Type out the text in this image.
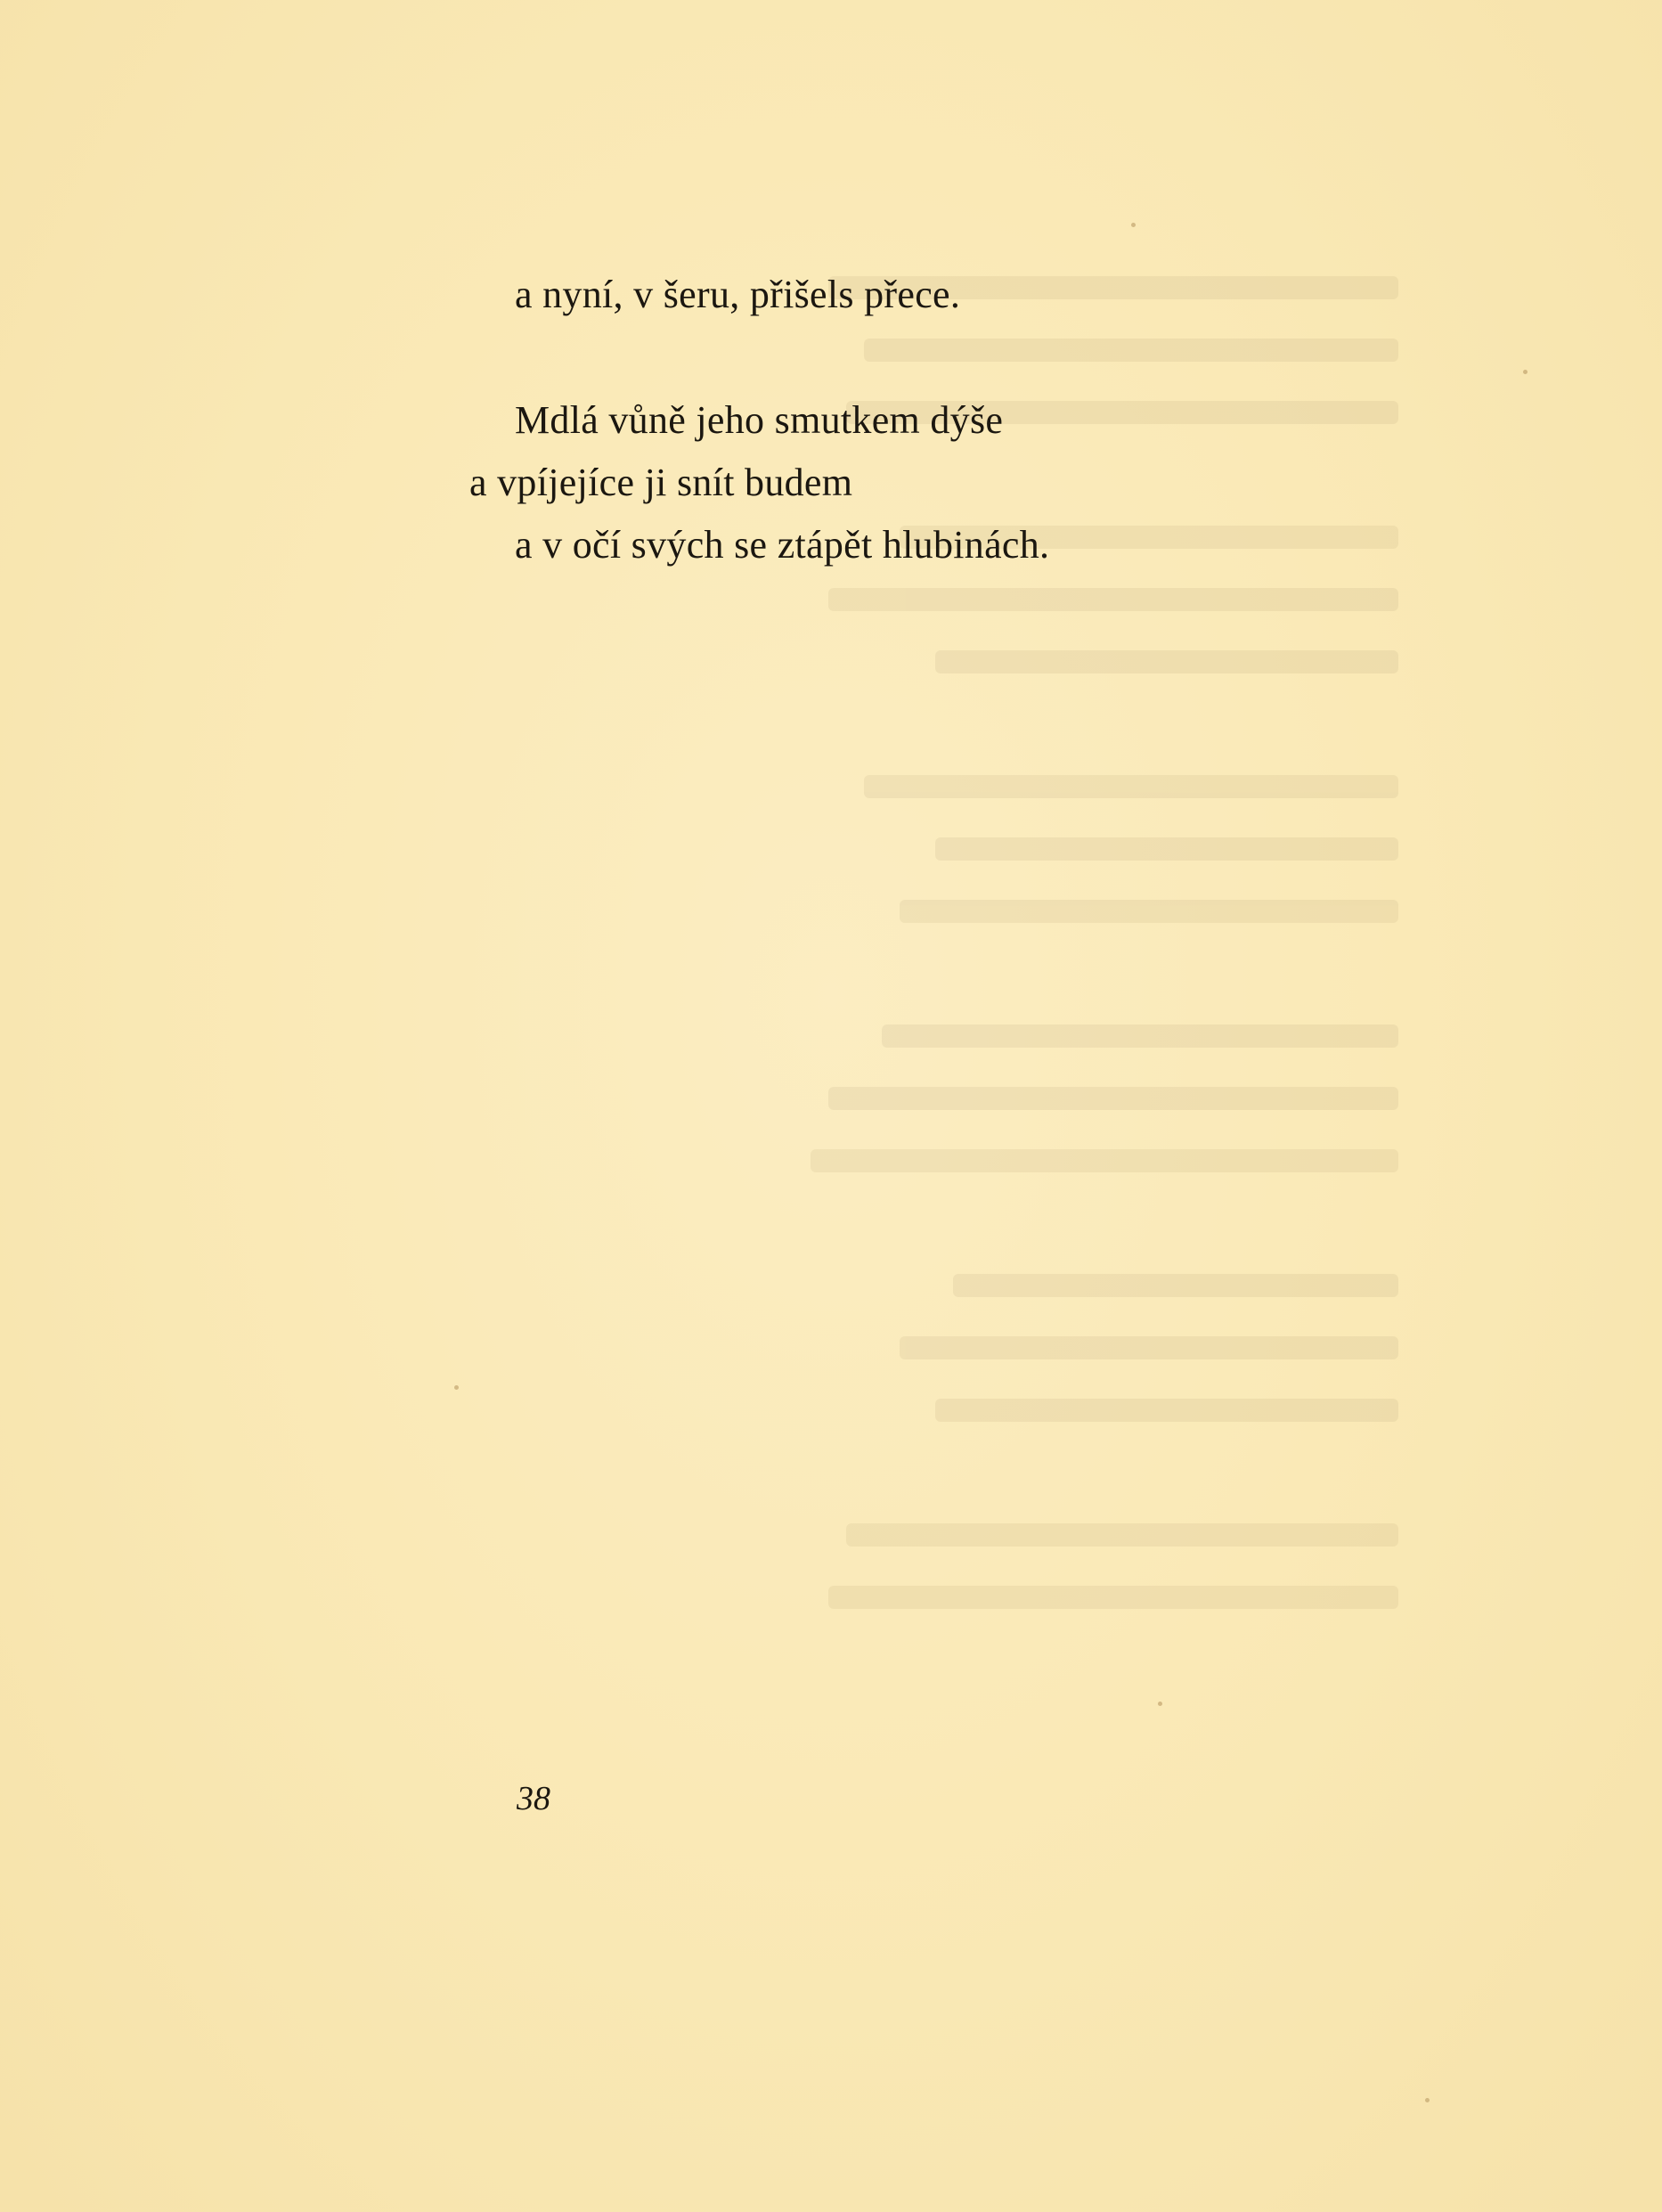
a nyní, v šeru, přišels přece.
Mdlá vůně jeho smutkem dýše
a vpíjejíce ji snít budem
a v očí svých se ztápět hlubinách.
38
